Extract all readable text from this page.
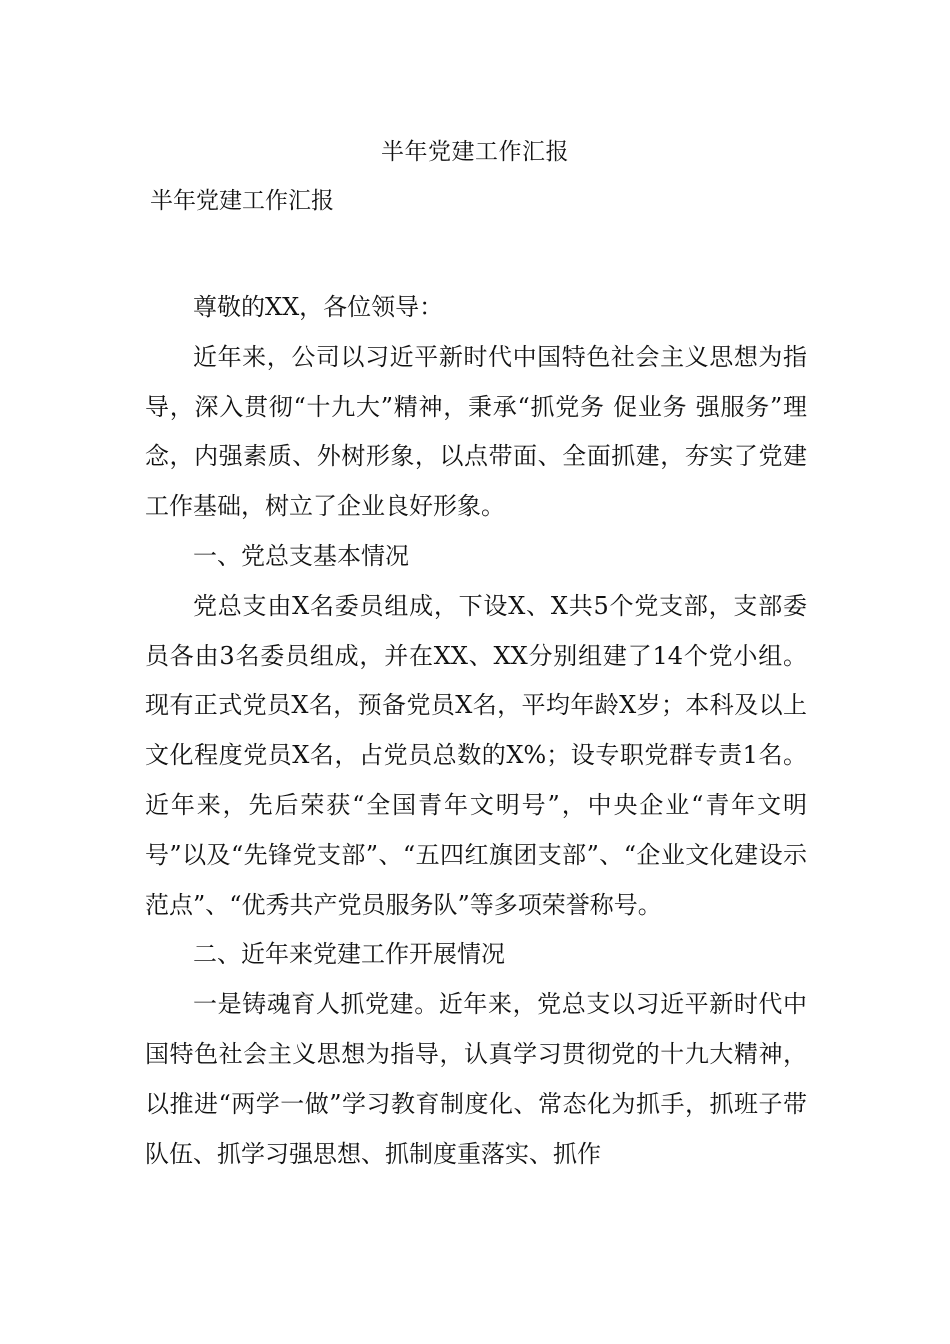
半年党建工作汇报
半年党建工作汇报

尊敬的XX，各位领导：

近年来，公司以习近平新时代中国特色社会主义思想为指导，深入贯彻“十九大”精神，秉承“抓党务 促业务 强服务”理念，内强素质、外树形象，以点带面、全面抓建，夯实了党建工作基础，树立了企业良好形象。

一、党总支基本情况

党总支由X名委员组成，下设X、X共5个党支部，支部委员各由3名委员组成，并在XX、XX分别组建了14个党小组。现有正式党员X名，预备党员X名，平均年龄X岁；本科及以上文化程度党员X名，占党员总数的X%；设专职党群专责1名。近年来，先后荣获“全国青年文明号”，中央企业“青年文明号”以及“先锋党支部”、“五四红旗团支部”、“企业文化建设示范点”、“优秀共产党员服务队”等多项荣誉称号。

二、近年来党建工作开展情况

一是铸魂育人抓党建。近年来，党总支以习近平新时代中国特色社会主义思想为指导，认真学习贯彻党的十九大精神，以推进“两学一做”学习教育制度化、常态化为抓手，抓班子带队伍、抓学习强思想、抓制度重落实、抓作
